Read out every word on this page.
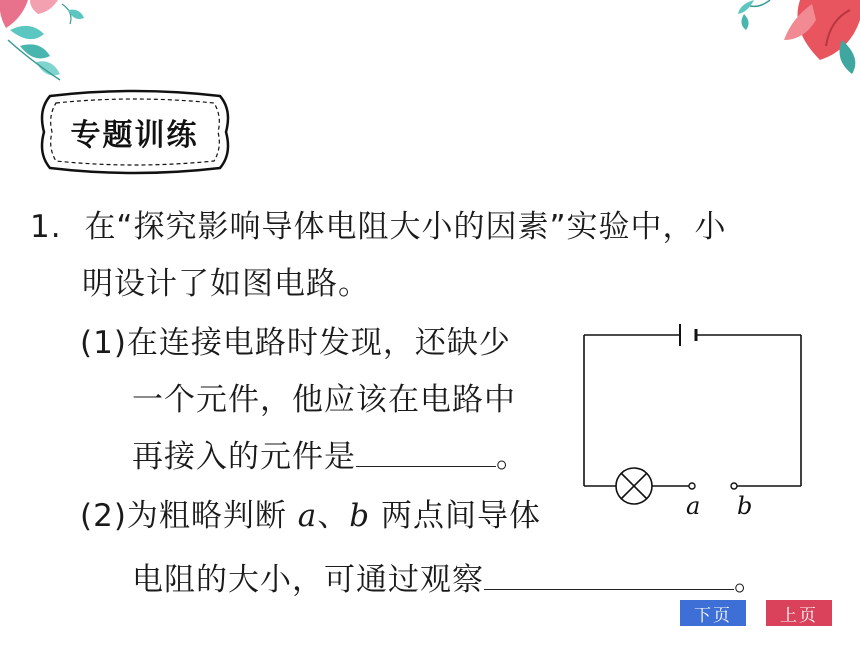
专题训练
1. 在“探究影响导体电阻大小的因素”实验中，小
明设计了如图电路。
(1)在连接电路时发现，还缺少
一个元件，他应该在电路中
再接入的元件是	。
(2)为粗略判断 a、b 两点间导体
电阻的大小，可通过观察	。
a b
下页	上页
